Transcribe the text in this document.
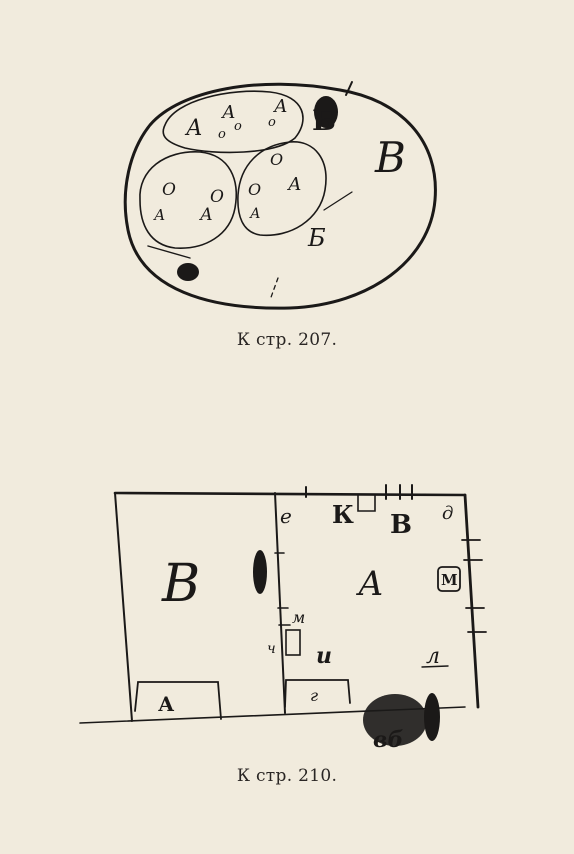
А
А А
о
о о
О
А А
О
О
О А
А
Б
В
Б
К стр. 207.
В
А
А
е К В д
М
м
ч и
г
л
вб
К стр. 210.
